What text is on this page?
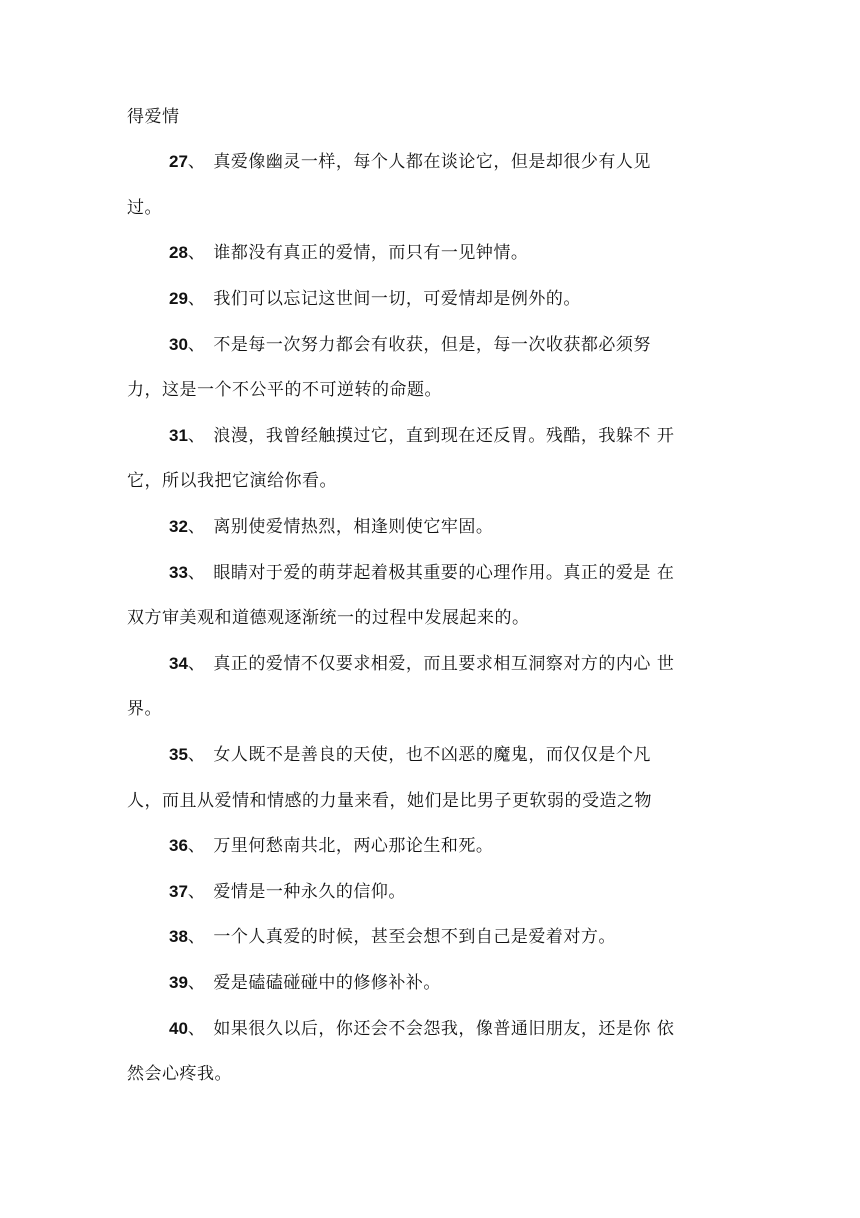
得爱情
27、 真爱像幽灵一样，每个人都在谈论它，但是却很少有人见
过。
28、 谁都没有真正的爱情，而只有一见钟情。
29、 我们可以忘记这世间一切，可爱情却是例外的。
30、 不是每一次努力都会有收获，但是，每一次收获都必须努
力，这是一个不公平的不可逆转的命题。
31、 浪漫，我曾经触摸过它，直到现在还反胃。残酷，我躲不 开
它，所以我把它演给你看。
32、 离别使爱情热烈，相逢则使它牢固。
33、 眼睛对于爱的萌芽起着极其重要的心理作用。真正的爱是 在
双方审美观和道德观逐渐统一的过程中发展起来的。
34、 真正的爱情不仅要求相爱，而且要求相互洞察对方的内心 世
界。
35、 女人既不是善良的天使，也不凶恶的魔鬼，而仅仅是个凡
人，而且从爱情和情感的力量来看，她们是比男子更软弱的受造之物
36、 万里何愁南共北，两心那论生和死。
37、 爱情是一种永久的信仰。
38、 一个人真爱的时候，甚至会想不到自己是爱着对方。
39、 爱是磕磕碰碰中的修修补补。
40、 如果很久以后，你还会不会怨我，像普通旧朋友，还是你 依
然会心疼我。
